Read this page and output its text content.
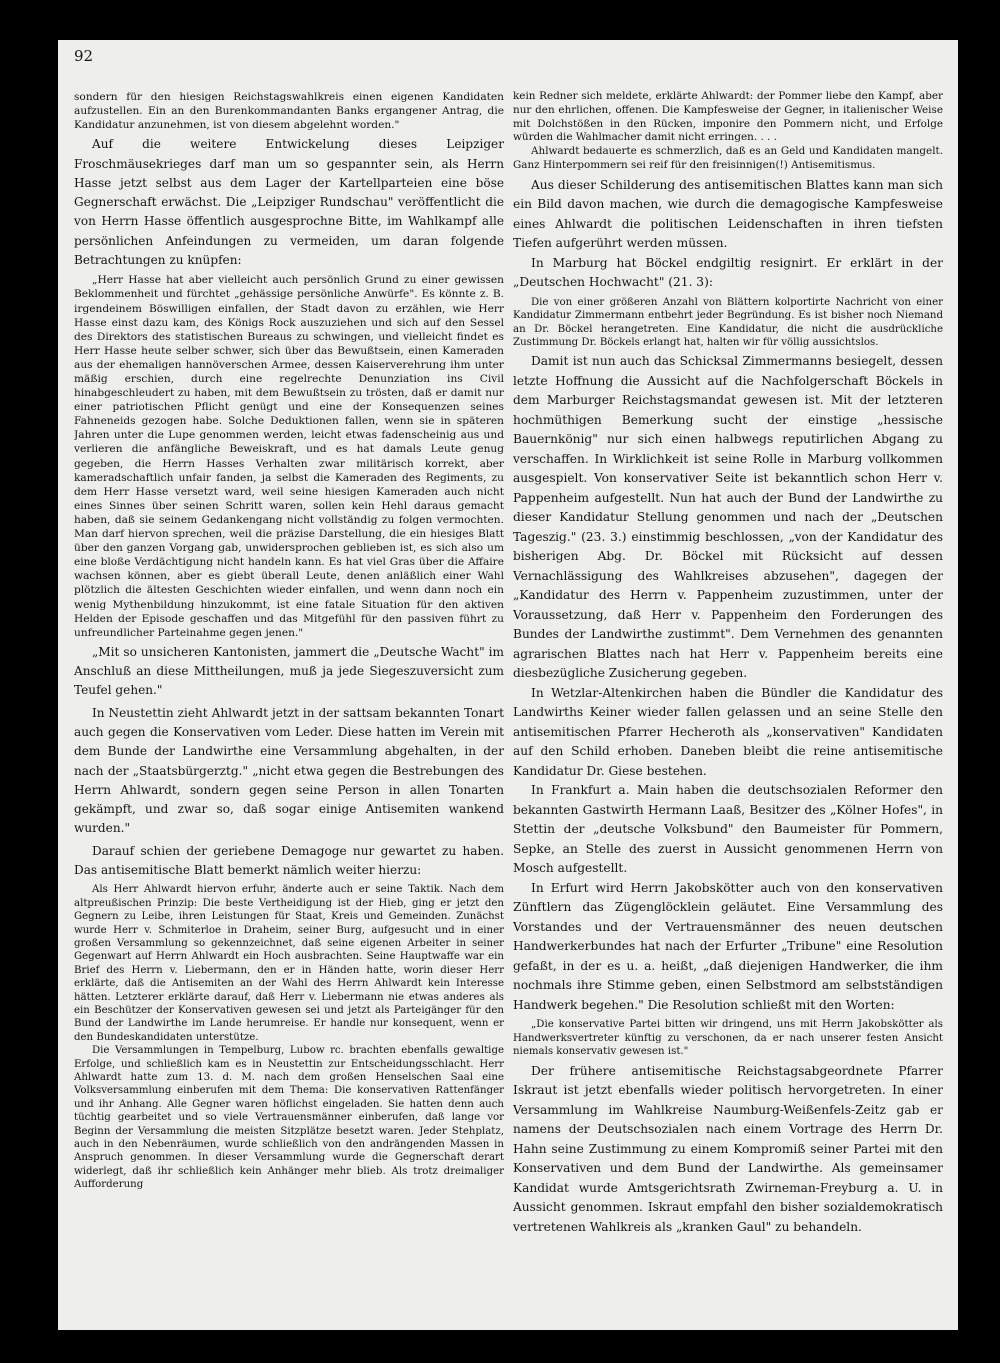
92

sondern für den hiesigen Reichstagswahlkreis einen eigenen Kandidaten aufzustellen. Ein an den Burenkommandanten Banks ergangener Antrag, die Kandidatur anzunehmen, ist von diesem abgelehnt worden."

Auf die weitere Entwickelung dieses Leipziger Froschmäusekrieges darf man um so gespannter sein, als Herrn Hasse jetzt selbst aus dem Lager der Kartellparteien eine böse Gegnerschaft erwächst. Die „Leipziger Rundschau" veröffentlicht die von Herrn Hasse öffentlich ausgesprochne Bitte, im Wahlkampf alle persönlichen Anfeindungen zu vermeiden, um daran folgende Betrachtungen zu knüpfen:

„Herr Hasse hat aber vielleicht auch persönlich Grund zu einer gewissen Beklommenheit und fürchtet „gehässige persönliche Anwürfe". Es könnte z. B. irgendeinem Böswilligen einfallen, der Stadt davon zu erzählen, wie Herr Hasse einst dazu kam, des Königs Rock auszuziehen und sich auf den Sessel des Direktors des statistischen Bureaus zu schwingen, und vielleicht findet es Herr Hasse heute selber schwer, sich über das Bewußtsein, einen Kameraden aus der ehemaligen hannöverschen Armee, dessen Kaiserverehrung ihm unter mäßig erschien, durch eine regelrechte Denunziation ins Civil hinabgeschleudert zu haben, mit dem Bewußtsein zu trösten, daß er damit nur einer patriotischen Pflicht genügt und eine der Konsequenzen seines Fahneneids gezogen habe. Solche Deduktionen fallen, wenn sie in späteren Jahren unter die Lupe genommen werden, leicht etwas fadenscheinig aus und verlieren die anfängliche Beweiskraft, und es hat damals Leute genug gegeben, die Herrn Hasses Verhalten zwar militärisch korrekt, aber kameradschaftlich unfair fanden, ja selbst die Kameraden des Regiments, zu dem Herr Hasse versetzt ward, weil seine hiesigen Kameraden auch nicht eines Sinnes über seinen Schritt waren, sollen kein Hehl daraus gemacht haben, daß sie seinem Gedankengang nicht vollständig zu folgen vermochten. Man darf hiervon sprechen, weil die präzise Darstellung, die ein hiesiges Blatt über den ganzen Vorgang gab, unwidersprochen geblieben ist, es sich also um eine bloße Verdächtigung nicht handeln kann. Es hat viel Gras über die Affaire wachsen können, aber es giebt überall Leute, denen anläßlich einer Wahl plötzlich die ältesten Geschichten wieder einfallen, und wenn dann noch ein wenig Mythenbildung hinzukommt, ist eine fatale Situation für den aktiven Helden der Episode geschaffen und das Mitgefühl für den passiven führt zu unfreundlicher Parteinahme gegen jenen."

„Mit so unsicheren Kantonisten, jammert die „Deutsche Wacht" im Anschluß an diese Mittheilungen, muß ja jede Siegeszuversicht zum Teufel gehen."

In Neustettin zieht Ahlwardt jetzt in der sattsam bekannten Tonart auch gegen die Konservativen vom Leder. Diese hatten im Verein mit dem Bunde der Landwirthe eine Versammlung abgehalten, in der nach der „Staatsbürgerztg." „nicht etwa gegen die Bestrebungen des Herrn Ahlwardt, sondern gegen seine Person in allen Tonarten gekämpft, und zwar so, daß sogar einige Antisemiten wankend wurden."

Darauf schien der geriebene Demagoge nur gewartet zu haben. Das antisemitische Blatt bemerkt nämlich weiter hierzu:

Als Herr Ahlwardt hiervon erfuhr, änderte auch er seine Taktik. Nach dem altpreußischen Prinzip: Die beste Vertheidigung ist der Hieb, ging er jetzt den Gegnern zu Leibe, ihren Leistungen für Staat, Kreis und Gemeinden. Zunächst wurde Herr v. Schmiterloe in Draheim, seiner Burg, aufgesucht und in einer großen Versammlung so gekennzeichnet, daß seine eigenen Arbeiter in seiner Gegenwart auf Herrn Ahlwardt ein Hoch ausbrachten. Seine Hauptwaffe war ein Brief des Herrn v. Liebermann, den er in Händen hatte, worin dieser Herr erklärte, daß die Antisemiten an der Wahl des Herrn Ahlwardt kein Interesse hätten. Letzterer erklärte darauf, daß Herr v. Liebermann nie etwas anderes als ein Beschützer der Konservativen gewesen sei und jetzt als Parteigänger für den Bund der Landwirthe im Lande herumreise. Er handle nur konsequent, wenn er den Bundeskandidaten unterstütze.

Die Versammlungen in Tempelburg, Lubow rc. brachten ebenfalls gewaltige Erfolge, und schließlich kam es in Neustettin zur Entscheidungsschlacht. Herr Ahlwardt hatte zum 13. d. M. nach dem großen Henselschen Saal eine Volksversammlung einberufen mit dem Thema: Die konservativen Rattenfänger und ihr Anhang. Alle Gegner waren höflichst eingeladen. Sie hatten denn auch tüchtig gearbeitet und so viele Vertrauensmänner einberufen, daß lange vor Beginn der Versammlung die meisten Sitzplätze besetzt waren. Jeder Stehplatz, auch in den Nebenräumen, wurde schließlich von den andrängenden Massen in Anspruch genommen. In dieser Versammlung wurde die Gegnerschaft derart widerlegt, daß ihr schließlich kein Anhänger mehr blieb. Als trotz dreimaliger Aufforderung

kein Redner sich meldete, erklärte Ahlwardt: der Pommer liebe den Kampf, aber nur den ehrlichen, offenen. Die Kampfesweise der Gegner, in italienischer Weise mit Dolchstößen in den Rücken, imponire den Pommern nicht, und Erfolge würden die Wahlmacher damit nicht erringen. . . .

Ahlwardt bedauerte es schmerzlich, daß es an Geld und Kandidaten mangelt. Ganz Hinterpommern sei reif für den freisinnigen(!) Antisemitismus.

Aus dieser Schilderung des antisemitischen Blattes kann man sich ein Bild davon machen, wie durch die demagogische Kampfesweise eines Ahlwardt die politischen Leidenschaften in ihren tiefsten Tiefen aufgerührt werden müssen.

In Marburg hat Böckel endgiltig resignirt. Er erklärt in der „Deutschen Hochwacht" (21. 3):

Die von einer größeren Anzahl von Blättern kolportirte Nachricht von einer Kandidatur Zimmermann entbehrt jeder Begründung. Es ist bisher noch Niemand an Dr. Böckel herangetreten. Eine Kandidatur, die nicht die ausdrückliche Zustimmung Dr. Böckels erlangt hat, halten wir für völlig aussichtslos.

Damit ist nun auch das Schicksal Zimmermanns besiegelt, dessen letzte Hoffnung die Aussicht auf die Nachfolgerschaft Böckels in dem Marburger Reichstagsmandat gewesen ist. Mit der letzteren hochmüthigen Bemerkung sucht der einstige „hessische Bauernkönig" nur sich einen halbwegs reputirlichen Abgang zu verschaffen. In Wirklichkeit ist seine Rolle in Marburg vollkommen ausgespielt. Von konservativer Seite ist bekanntlich schon Herr v. Pappenheim aufgestellt. Nun hat auch der Bund der Landwirthe zu dieser Kandidatur Stellung genommen und nach der „Deutschen Tageszig." (23. 3.) einstimmig beschlossen, „von der Kandidatur des bisherigen Abg. Dr. Böckel mit Rücksicht auf dessen Vernachlässigung des Wahlkreises abzusehen", dagegen der „Kandidatur des Herrn v. Pappenheim zuzustimmen, unter der Voraussetzung, daß Herr v. Pappenheim den Forderungen des Bundes der Landwirthe zustimmt". Dem Vernehmen des genannten agrarischen Blattes nach hat Herr v. Pappenheim bereits eine diesbezügliche Zusicherung gegeben.

In Wetzlar-Altenkirchen haben die Bündler die Kandidatur des Landwirths Keiner wieder fallen gelassen und an seine Stelle den antisemitischen Pfarrer Hecheroth als „konservativen" Kandidaten auf den Schild erhoben. Daneben bleibt die reine antisemitische Kandidatur Dr. Giese bestehen.

In Frankfurt a. Main haben die deutschsozialen Reformer den bekannten Gastwirth Hermann Laaß, Besitzer des „Kölner Hofes", in Stettin der „deutsche Volksbund" den Baumeister für Pommern, Sepke, an Stelle des zuerst in Aussicht genommenen Herrn von Mosch aufgestellt.

In Erfurt wird Herrn Jakobskötter auch von den konservativen Zünftlern das Zügenglöcklein geläutet. Eine Versammlung des Vorstandes und der Vertrauensmänner des neuen deutschen Handwerkerbundes hat nach der Erfurter „Tribune" eine Resolution gefaßt, in der es u. a. heißt, „daß diejenigen Handwerker, die ihm nochmals ihre Stimme geben, einen Selbstmord am selbstständigen Handwerk begehen." Die Resolution schließt mit den Worten:

„Die konservative Partei bitten wir dringend, uns mit Herrn Jakobskötter als Handwerksvertreter künftig zu verschonen, da er nach unserer festen Ansicht niemals konservativ gewesen ist."

Der frühere antisemitische Reichstagsabgeordnete Pfarrer Iskraut ist jetzt ebenfalls wieder politisch hervorgetreten. In einer Versammlung im Wahlkreise Naumburg-Weißenfels-Zeitz gab er namens der Deutschsozialen nach einem Vortrage des Herrn Dr. Hahn seine Zustimmung zu einem Kompromiß seiner Partei mit den Konservativen und dem Bund der Landwirthe. Als gemeinsamer Kandidat wurde Amtsgerichtsrath Zwirneman-Freyburg a. U. in Aussicht genommen. Iskraut empfahl den bisher sozialdemokratisch vertretenen Wahlkreis als „kranken Gaul" zu behandeln.
